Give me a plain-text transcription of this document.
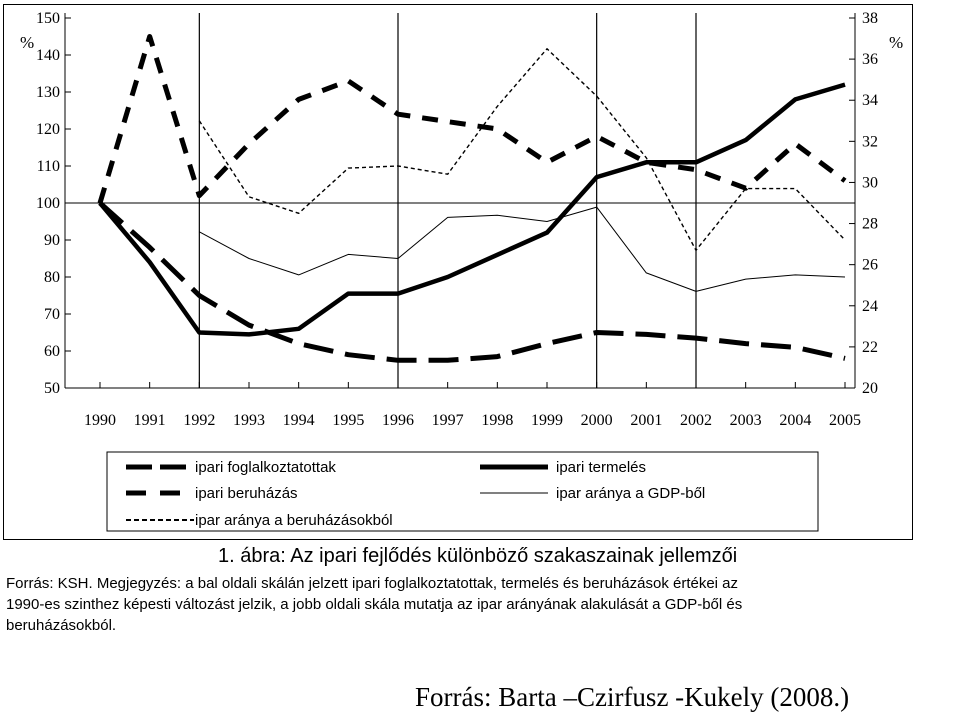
150
140
130
120
110
100
90
80
70
60
50
38
36
34
32
30
28
26
24
22
20
%	%
1990 1991 1992 1993 1994 1995 1996 1997 1998 1999 2000 2001 2002 2003 2004 2005
ipari foglalkoztatottak
ipari beruházás
ipar aránya a beruházásokból
ipari termelés
ipar aránya a GDP-ből
1. ábra: Az ipari fejlődés különböző szakaszainak jellemzői
Forrás: KSH. Megjegyzés: a bal oldali skálán jelzett ipari foglalkoztatottak, termelés és beruházások értékei az
1990-es szinthez képesti változást jelzik, a jobb oldali skála mutatja az ipar arányának alakulását a GDP-ből és
beruházásokból.
Forrás: Barta –Czirfusz -Kukely (2008.)
